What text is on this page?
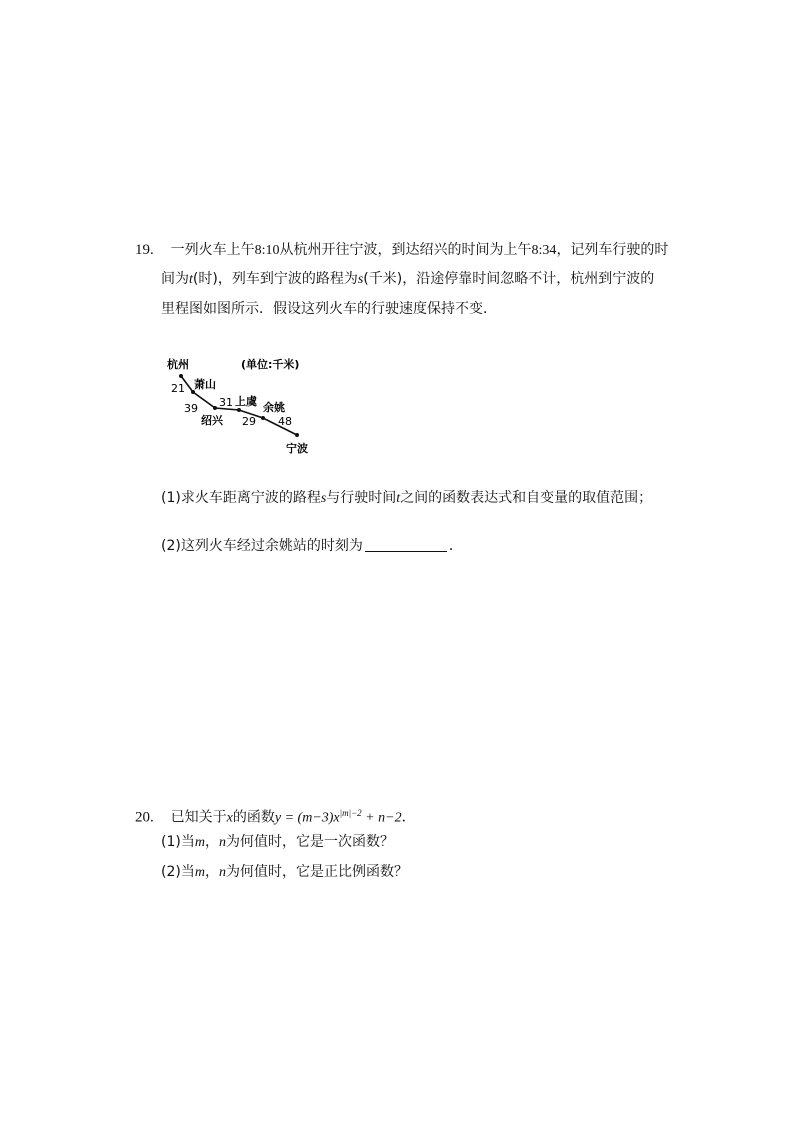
19. 一列火车上午8:10从杭州开往宁波，到达绍兴的时间为上午8:34，记列车行驶的时
间为t(时)，列车到宁波的路程为s(千米)，沿途停靠时间忽略不计，杭州到宁波的
里程图如图所示．假设这列火车的行驶速度保持不变．
(单位:千米)
杭州
萧山
绍兴
上虞 余姚
宁波
21
39 31
29 48
(1)求火车距离宁波的路程s与行驶时间t之间的函数表达式和自变量的取值范围；
(2)这列火车经过余姚站的时刻为	．
20. 已知关于x的函数$y = (m-3)x^{|m|-2} + n-2$．
(1)当m，n为何值时，它是一次函数？
(2)当m，n为何值时，它是正比例函数？
